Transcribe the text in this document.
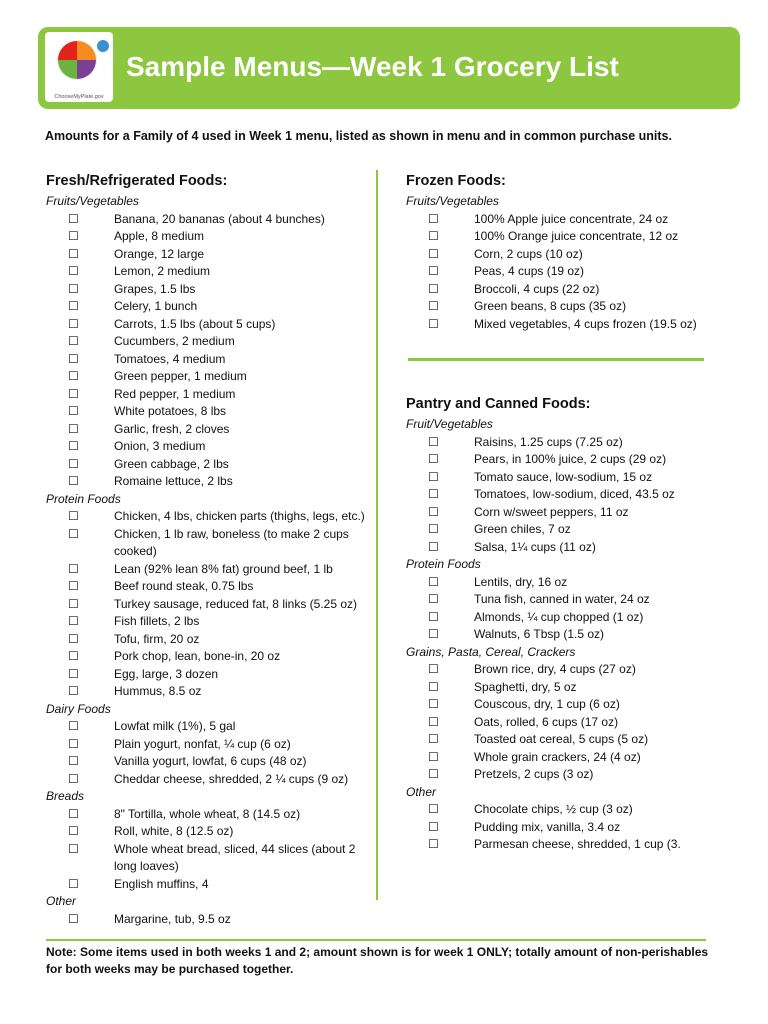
ChooseMyPlate.gov
Sample Menus—Week 1 Grocery List
Amounts for a Family of 4 used in Week 1 menu, listed as shown in menu and in common purchase units.
Fresh/Refrigerated Foods:
Fruits/Vegetables
☐	Banana, 20 bananas (about 4 bunches)
☐	Apple, 8 medium
☐	Orange, 12 large
☐	Lemon, 2 medium
☐	Grapes, 1.5 lbs
☐	Celery, 1 bunch
☐	Carrots, 1.5 lbs (about 5 cups)
☐	Cucumbers, 2 medium
☐	Tomatoes, 4 medium
☐	Green pepper, 1 medium
☐	Red pepper, 1 medium
☐	White potatoes, 8 lbs
☐	Garlic, fresh, 2 cloves
☐	Onion, 3 medium
☐	Green cabbage, 2 lbs
☐	Romaine lettuce, 2 lbs
Protein Foods
☐	Chicken, 4 lbs, chicken parts (thighs, legs, etc.)
☐	Chicken, 1 lb raw, boneless (to make 2 cups cooked)
☐	Lean (92% lean 8% fat) ground beef, 1 lb
☐	Beef round steak, 0.75 lbs
☐	Turkey sausage, reduced fat, 8 links (5.25 oz)
☐	Fish fillets, 2 lbs
☐	Tofu, firm, 20 oz
☐	Pork chop, lean, bone-in, 20 oz
☐	Egg, large, 3 dozen
☐	Hummus, 8.5 oz
Dairy Foods
☐	Lowfat milk (1%), 5 gal
☐	Plain yogurt, nonfat, ¼ cup (6 oz)
☐	Vanilla yogurt, lowfat, 6 cups (48 oz)
☐	Cheddar cheese, shredded, 2 ¼ cups (9 oz)
Breads
☐	8" Tortilla, whole wheat, 8 (14.5 oz)
☐	Roll, white, 8 (12.5 oz)
☐	Whole wheat bread, sliced, 44 slices (about 2 long loaves)
☐	English muffins, 4
Other
☐	Margarine, tub, 9.5 oz
Frozen Foods:
Fruits/Vegetables
☐	100% Apple juice concentrate, 24 oz
☐	100% Orange juice concentrate, 12 oz
☐	Corn, 2 cups (10 oz)
☐	Peas, 4 cups (19 oz)
☐	Broccoli, 4 cups (22 oz)
☐	Green beans, 8 cups (35 oz)
☐	Mixed vegetables, 4 cups frozen (19.5 oz)
Pantry and Canned Foods:
Fruit/Vegetables
☐	Raisins, 1.25 cups (7.25 oz)
☐	Pears, in 100% juice, 2 cups (29 oz)
☐	Tomato sauce, low-sodium, 15 oz
☐	Tomatoes, low-sodium, diced, 43.5 oz
☐	Corn w/sweet peppers, 11 oz
☐	Green chiles, 7 oz
☐	Salsa, 1¼ cups (11 oz)
Protein Foods
☐	Lentils, dry, 16 oz
☐	Tuna fish, canned in water, 24 oz
☐	Almonds, ¼ cup chopped (1 oz)
☐	Walnuts, 6 Tbsp (1.5 oz)
Grains, Pasta, Cereal, Crackers
☐	Brown rice, dry, 4 cups (27 oz)
☐	Spaghetti, dry, 5 oz
☐	Couscous, dry, 1 cup (6 oz)
☐	Oats, rolled, 6 cups (17 oz)
☐	Toasted oat cereal, 5 cups (5 oz)
☐	Whole grain crackers, 24 (4 oz)
☐	Pretzels, 2 cups (3 oz)
Other
☐	Chocolate chips, ½ cup (3 oz)
☐	Pudding mix, vanilla, 3.4 oz
☐	Parmesan cheese, shredded, 1 cup (3.
Note: Some items used in both weeks 1 and 2; amount shown is for week 1 ONLY; totally amount of non-perishables for both weeks may be purchased together.
